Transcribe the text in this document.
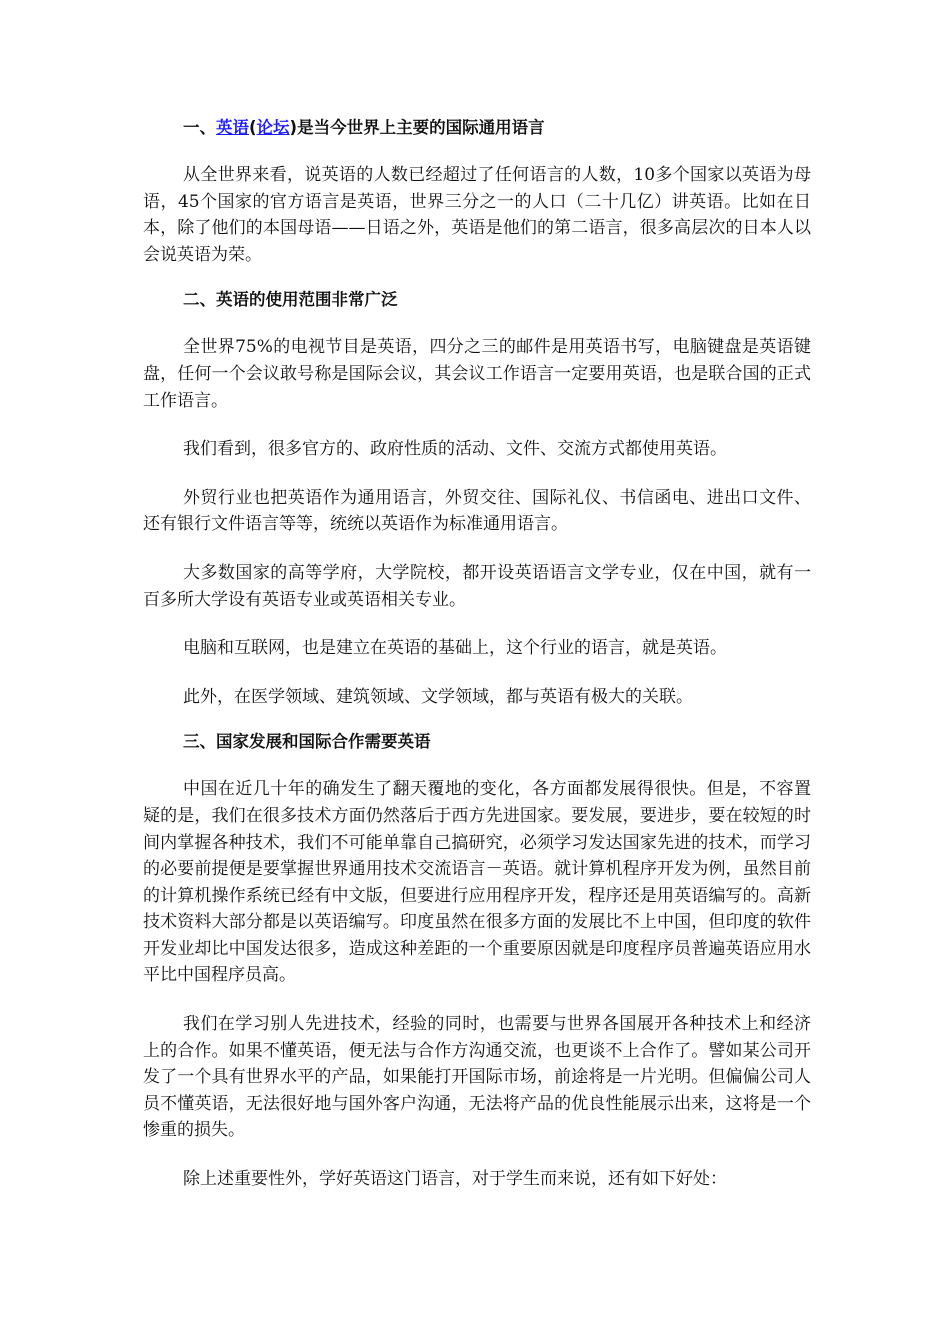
一、英语(论坛)是当今世界上主要的国际通用语言

从全世界来看，说英语的人数已经超过了任何语言的人数，10多个国家以英语为母语，45个国家的官方语言是英语，世界三分之一的人口（二十几亿）讲英语。比如在日本，除了他们的本国母语——日语之外，英语是他们的第二语言，很多高层次的日本人以会说英语为荣。

二、英语的使用范围非常广泛

全世界75%的电视节目是英语，四分之三的邮件是用英语书写，电脑键盘是英语键盘，任何一个会议敢号称是国际会议，其会议工作语言一定要用英语，也是联合国的正式工作语言。

我们看到，很多官方的、政府性质的活动、文件、交流方式都使用英语。

外贸行业也把英语作为通用语言，外贸交往、国际礼仪、书信函电、进出口文件、还有银行文件语言等等，统统以英语作为标准通用语言。

大多数国家的高等学府，大学院校，都开设英语语言文学专业，仅在中国，就有一百多所大学设有英语专业或英语相关专业。

电脑和互联网，也是建立在英语的基础上，这个行业的语言，就是英语。

此外，在医学领域、建筑领域、文学领域，都与英语有极大的关联。

三、国家发展和国际合作需要英语

中国在近几十年的确发生了翻天覆地的变化，各方面都发展得很快。但是，不容置疑的是，我们在很多技术方面仍然落后于西方先进国家。要发展，要进步，要在较短的时间内掌握各种技术，我们不可能单靠自己搞研究，必须学习发达国家先进的技术，而学习的必要前提便是要掌握世界通用技术交流语言－英语。就计算机程序开发为例，虽然目前的计算机操作系统已经有中文版，但要进行应用程序开发，程序还是用英语编写的。高新技术资料大部分都是以英语编写。印度虽然在很多方面的发展比不上中国，但印度的软件开发业却比中国发达很多，造成这种差距的一个重要原因就是印度程序员普遍英语应用水平比中国程序员高。

我们在学习别人先进技术，经验的同时，也需要与世界各国展开各种技术上和经济上的合作。如果不懂英语，便无法与合作方沟通交流，也更谈不上合作了。譬如某公司开发了一个具有世界水平的产品，如果能打开国际市场，前途将是一片光明。但偏偏公司人员不懂英语，无法很好地与国外客户沟通，无法将产品的优良性能展示出来，这将是一个惨重的损失。

除上述重要性外，学好英语这门语言，对于学生而来说，还有如下好处：
